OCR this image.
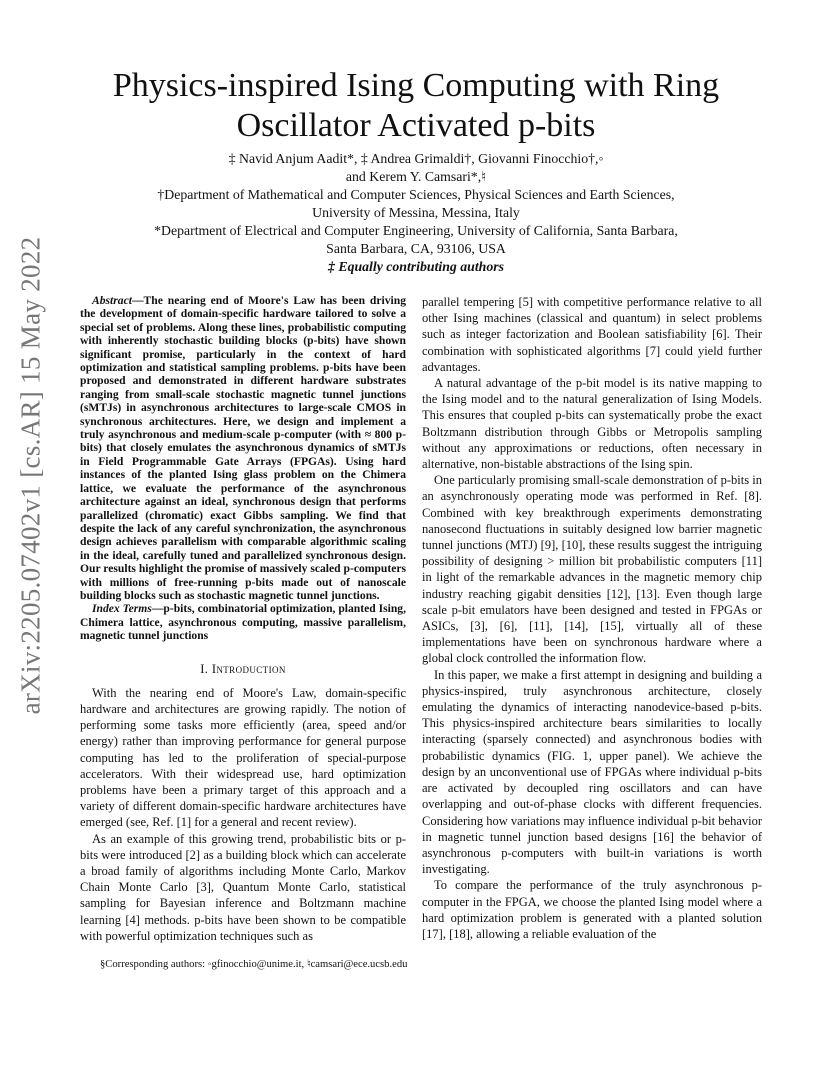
arXiv:2205.07402v1 [cs.AR] 15 May 2022
Physics-inspired Ising Computing with Ring
Oscillator Activated p-bits
‡ Navid Anjum Aadit*, ‡ Andrea Grimaldi†, Giovanni Finocchio†,◦
and Kerem Y. Camsari*,♮
†Department of Mathematical and Computer Sciences, Physical Sciences and Earth Sciences,
University of Messina, Messina, Italy
*Department of Electrical and Computer Engineering, University of California, Santa Barbara,
Santa Barbara, CA, 93106, USA
‡ Equally contributing authors

Abstract—The nearing end of Moore's Law has been driving the development of domain-specific hardware tailored to solve a special set of problems. Along these lines, probabilistic computing with inherently stochastic building blocks (p-bits) have shown significant promise, particularly in the context of hard optimization and statistical sampling problems. p-bits have been proposed and demonstrated in different hardware substrates ranging from small-scale stochastic magnetic tunnel junctions (sMTJs) in asynchronous architectures to large-scale CMOS in synchronous architectures. Here, we design and implement a truly asynchronous and medium-scale p-computer (with ≈ 800 p-bits) that closely emulates the asynchronous dynamics of sMTJs in Field Programmable Gate Arrays (FPGAs). Using hard instances of the planted Ising glass problem on the Chimera lattice, we evaluate the performance of the asynchronous architecture against an ideal, synchronous design that performs parallelized (chromatic) exact Gibbs sampling. We find that despite the lack of any careful synchronization, the asynchronous design achieves parallelism with comparable algorithmic scaling in the ideal, carefully tuned and parallelized synchronous design. Our results highlight the promise of massively scaled p-computers with millions of free-running p-bits made out of nanoscale building blocks such as stochastic magnetic tunnel junctions.

Index Terms—p-bits, combinatorial optimization, planted Ising, Chimera lattice, asynchronous computing, massive parallelism, magnetic tunnel junctions

I. Introduction

With the nearing end of Moore's Law, domain-specific hardware and architectures are growing rapidly. The notion of performing some tasks more efficiently (area, speed and/or energy) rather than improving performance for general purpose computing has led to the proliferation of special-purpose accelerators. With their widespread use, hard optimization problems have been a primary target of this approach and a variety of different domain-specific hardware architectures have emerged (see, Ref. [1] for a general and recent review).

As an example of this growing trend, probabilistic bits or p-bits were introduced [2] as a building block which can accelerate a broad family of algorithms including Monte Carlo, Markov Chain Monte Carlo [3], Quantum Monte Carlo, statistical sampling for Bayesian inference and Boltzmann machine learning [4] methods. p-bits have been shown to be compatible with powerful optimization techniques such as

parallel tempering [5] with competitive performance relative to all other Ising machines (classical and quantum) in select problems such as integer factorization and Boolean satisfiability [6]. Their combination with sophisticated algorithms [7] could yield further advantages.

A natural advantage of the p-bit model is its native mapping to the Ising model and to the natural generalization of Ising Models. This ensures that coupled p-bits can systematically probe the exact Boltzmann distribution through Gibbs or Metropolis sampling without any approximations or reductions, often necessary in alternative, non-bistable abstractions of the Ising spin.

One particularly promising small-scale demonstration of p-bits in an asynchronously operating mode was performed in Ref. [8]. Combined with key breakthrough experiments demonstrating nanosecond fluctuations in suitably designed low barrier magnetic tunnel junctions (MTJ) [9], [10], these results suggest the intriguing possibility of designing > million bit probabilistic computers [11] in light of the remarkable advances in the magnetic memory chip industry reaching gigabit densities [12], [13]. Even though large scale p-bit emulators have been designed and tested in FPGAs or ASICs, [3], [6], [11], [14], [15], virtually all of these implementations have been on synchronous hardware where a global clock controlled the information flow.

In this paper, we make a first attempt in designing and building a physics-inspired, truly asynchronous architecture, closely emulating the dynamics of interacting nanodevice-based p-bits. This physics-inspired architecture bears similarities to locally interacting (sparsely connected) and asynchronous bodies with probabilistic dynamics (FIG. 1, upper panel). We achieve the design by an unconventional use of FPGAs where individual p-bits are activated by decoupled ring oscillators and can have overlapping and out-of-phase clocks with different frequencies. Considering how variations may influence individual p-bit behavior in magnetic tunnel junction based designs [16] the behavior of asynchronous p-computers with built-in variations is worth investigating.

To compare the performance of the truly asynchronous p-computer in the FPGA, we choose the planted Ising model where a hard optimization problem is generated with a planted solution [17], [18], allowing a reliable evaluation of the

§Corresponding authors: ◦gfinocchio@unime.it, ♮camsari@ece.ucsb.edu
